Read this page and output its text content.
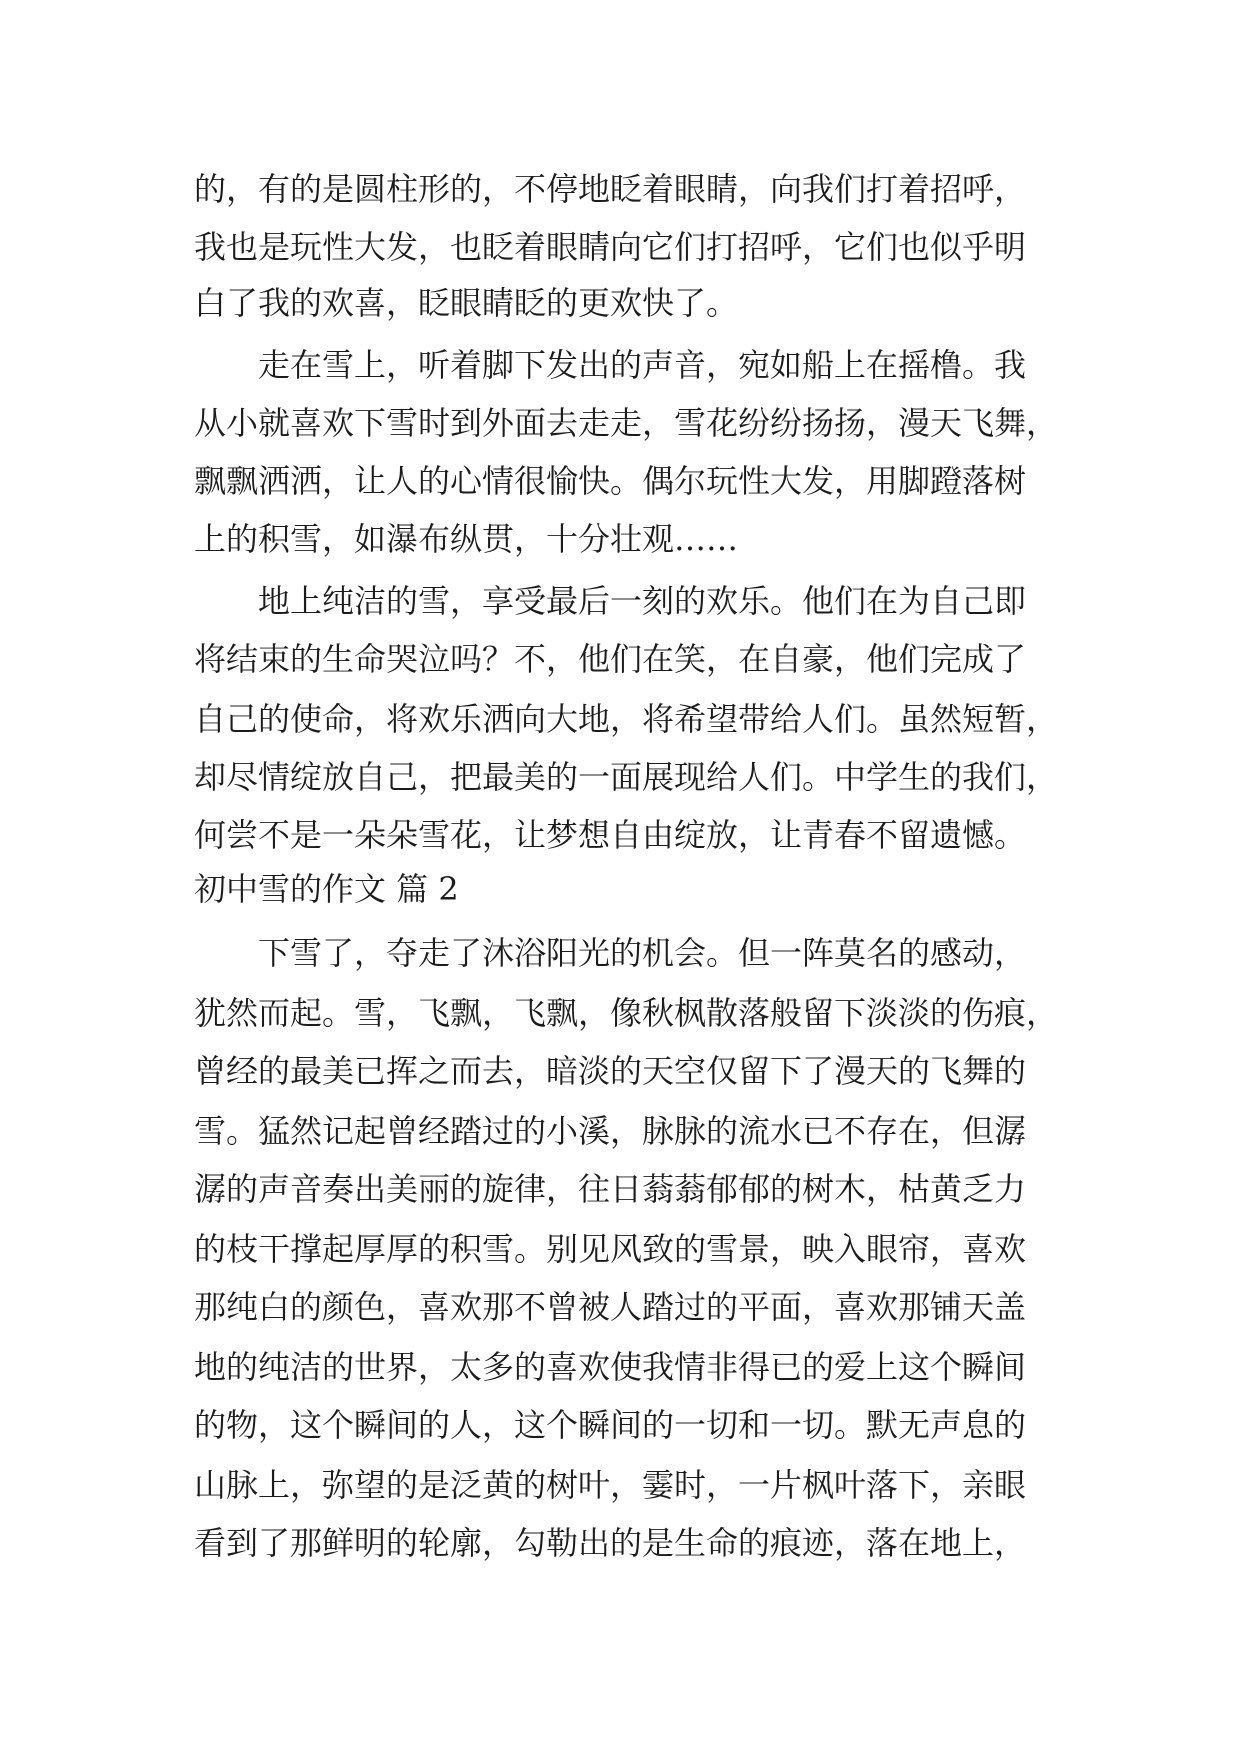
的，有的是圆柱形的，不停地眨着眼睛，向我们打着招呼，
我也是玩性大发，也眨着眼睛向它们打招呼，它们也似乎明
白了我的欢喜，眨眼睛眨的更欢快了。
走在雪上，听着脚下发出的声音，宛如船上在摇橹。我
从小就喜欢下雪时到外面去走走，雪花纷纷扬扬，漫天飞舞，
飘飘洒洒，让人的心情很愉快。偶尔玩性大发，用脚蹬落树
上的积雪，如瀑布纵贯，十分壮观……
地上纯洁的雪，享受最后一刻的欢乐。他们在为自己即
将结束的生命哭泣吗？不，他们在笑，在自豪，他们完成了
自己的使命，将欢乐洒向大地，将希望带给人们。虽然短暂，
却尽情绽放自己，把最美的一面展现给人们。中学生的我们，
何尝不是一朵朵雪花，让梦想自由绽放，让青春不留遗憾。
初中雪的作文 篇 2
下雪了，夺走了沐浴阳光的机会。但一阵莫名的感动，
犹然而起。雪，飞飘，飞飘，像秋枫散落般留下淡淡的伤痕，
曾经的最美已挥之而去，暗淡的天空仅留下了漫天的飞舞的
雪。猛然记起曾经踏过的小溪，脉脉的流水已不存在，但潺
潺的声音奏出美丽的旋律，往日蓊蓊郁郁的树木，枯黄乏力
的枝干撑起厚厚的积雪。别见风致的雪景，映入眼帘，喜欢
那纯白的颜色，喜欢那不曾被人踏过的平面，喜欢那铺天盖
地的纯洁的世界，太多的喜欢使我情非得已的爱上这个瞬间
的物，这个瞬间的人，这个瞬间的一切和一切。默无声息的
山脉上，弥望的是泛黄的树叶，霎时，一片枫叶落下，亲眼
看到了那鲜明的轮廓，勾勒出的是生命的痕迹，落在地上，
